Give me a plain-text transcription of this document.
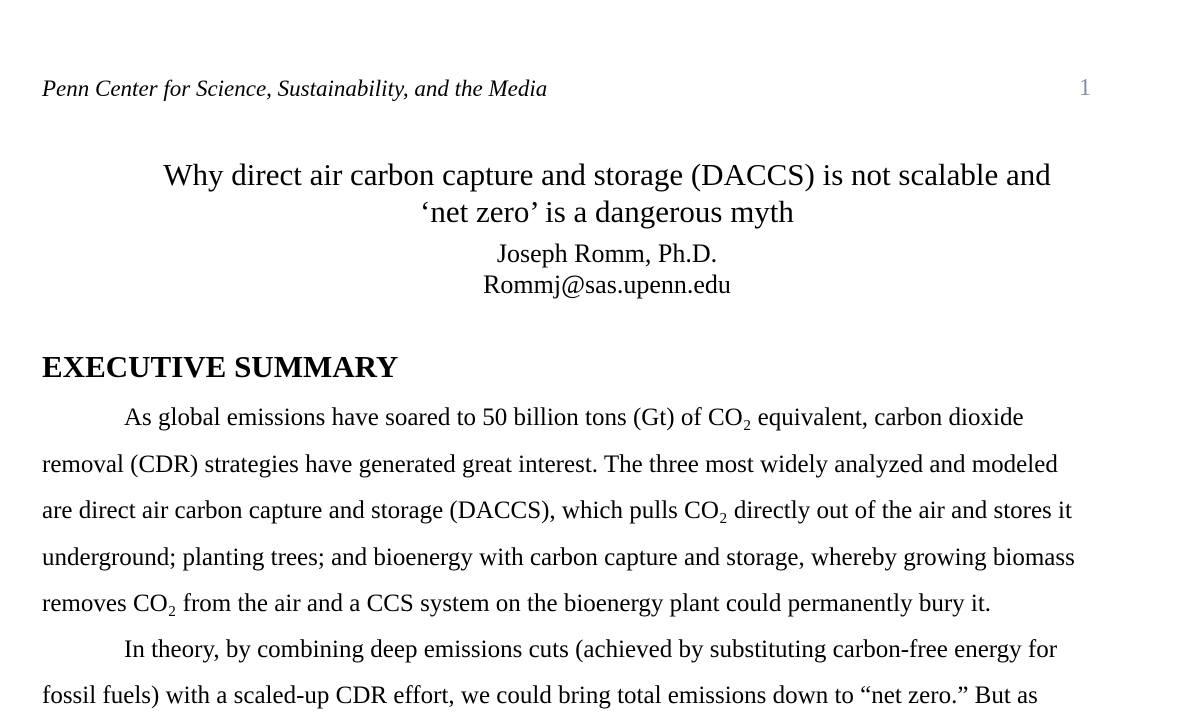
Penn Center for Science, Sustainability, and the Media	1
Why direct air carbon capture and storage (DACCS) is not scalable and
‘net zero’ is a dangerous myth
Joseph Romm, Ph.D.
Rommj@sas.upenn.edu
EXECUTIVE SUMMARY
As global emissions have soared to 50 billion tons (Gt) of CO₂ equivalent, carbon dioxide
removal (CDR) strategies have generated great interest. The three most widely analyzed and modeled
are direct air carbon capture and storage (DACCS), which pulls CO₂ directly out of the air and stores it
underground; planting trees; and bioenergy with carbon capture and storage, whereby growing biomass
removes CO₂ from the air and a CCS system on the bioenergy plant could permanently bury it.
In theory, by combining deep emissions cuts (achieved by substituting carbon-free energy for
fossil fuels) with a scaled-up CDR effort, we could bring total emissions down to “net zero.” But as
